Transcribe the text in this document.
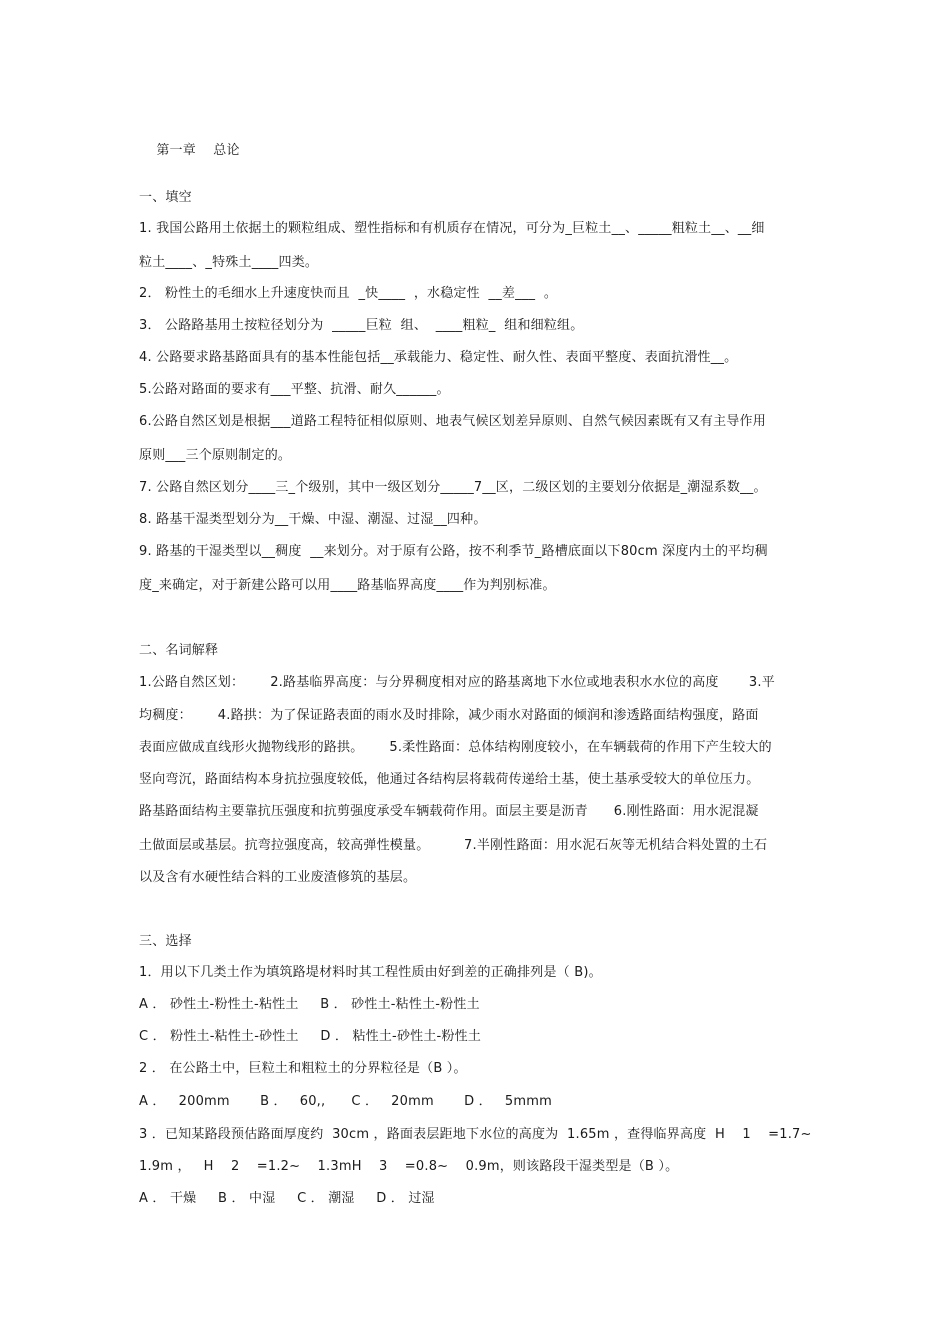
第一章    总论

一、填空
1. 我国公路用土依据土的颗粒组成、塑性指标和有机质存在情况，可分为_巨粒土__、_____粗粒土__、__细
粒土____、_特殊土____四类。
2． 粉性土的毛细水上升速度快而且  _快____  ，水稳定性  __差___  。
3． 公路路基用土按粒径划分为  _____巨粒  组、  ____粗粒_  组和细粒组。
4. 公路要求路基路面具有的基本性能包括__承载能力、稳定性、耐久性、表面平整度、表面抗滑性__。
5.公路对路面的要求有___平整、抗滑、耐久______。
6.公路自然区划是根据___道路工程特征相似原则、地表气候区划差异原则、自然气候因素既有又有主导作用
原则___三个原则制定的。
7. 公路自然区划分____三_个级别，其中一级区划分_____7__区，二级区划的主要划分依据是_潮湿系数__。
8. 路基干湿类型划分为__干燥、中湿、潮湿、过湿__四种。
9. 路基的干湿类型以__稠度  __来划分。对于原有公路，按不利季节_路槽底面以下80cm 深度内土的平均稠
度_来确定，对于新建公路可以用____路基临界高度____作为判别标准。
二、名词解释
1.公路自然区划：      2.路基临界高度：与分界稠度相对应的路基离地下水位或地表积水水位的高度       3.平
均稠度：      4.路拱：为了保证路表面的雨水及时排除，减少雨水对路面的倾润和渗透路面结构强度，路面
表面应做成直线形火抛物线形的路拱。      5.柔性路面：总体结构刚度较小，在车辆载荷的作用下产生较大的
竖向弯沉，路面结构本身抗拉强度较低，他通过各结构层将载荷传递给土基，使土基承受较大的单位压力。
路基路面结构主要靠抗压强度和抗剪强度承受车辆载荷作用。面层主要是沥青      6.刚性路面：用水泥混凝
土做面层或基层。抗弯拉强度高，较高弹性模量。        7.半刚性路面：用水泥石灰等无机结合料处置的土石
以及含有水硬性结合料的工业废渣修筑的基层。
三、选择
1．用以下几类土作为填筑路堤材料时其工程性质由好到差的正确排列是（ B)。
A ． 砂性土-粉性土-粘性土     B ． 砂性土-粘性土-粉性土
C ． 粉性土-粘性土-砂性土     D ． 粘性土-砂性土-粉性土
2 ． 在公路土中，巨粒土和粗粒土的分界粒径是（B ）。
A ．   200mm       B ．   60,,      C ．   20mm       D ．   5mmm
3 ．已知某路段预估路面厚度约  30cm ，路面表层距地下水位的高度为  1.65m ，查得临界高度  H    1    =1.7~
1.9m ，   H    2    =1.2~    1.3mH    3    =0.8~    0.9m，则该路段干湿类型是（B ）。
A ． 干燥     B ． 中湿     C ． 潮湿     D ． 过湿
